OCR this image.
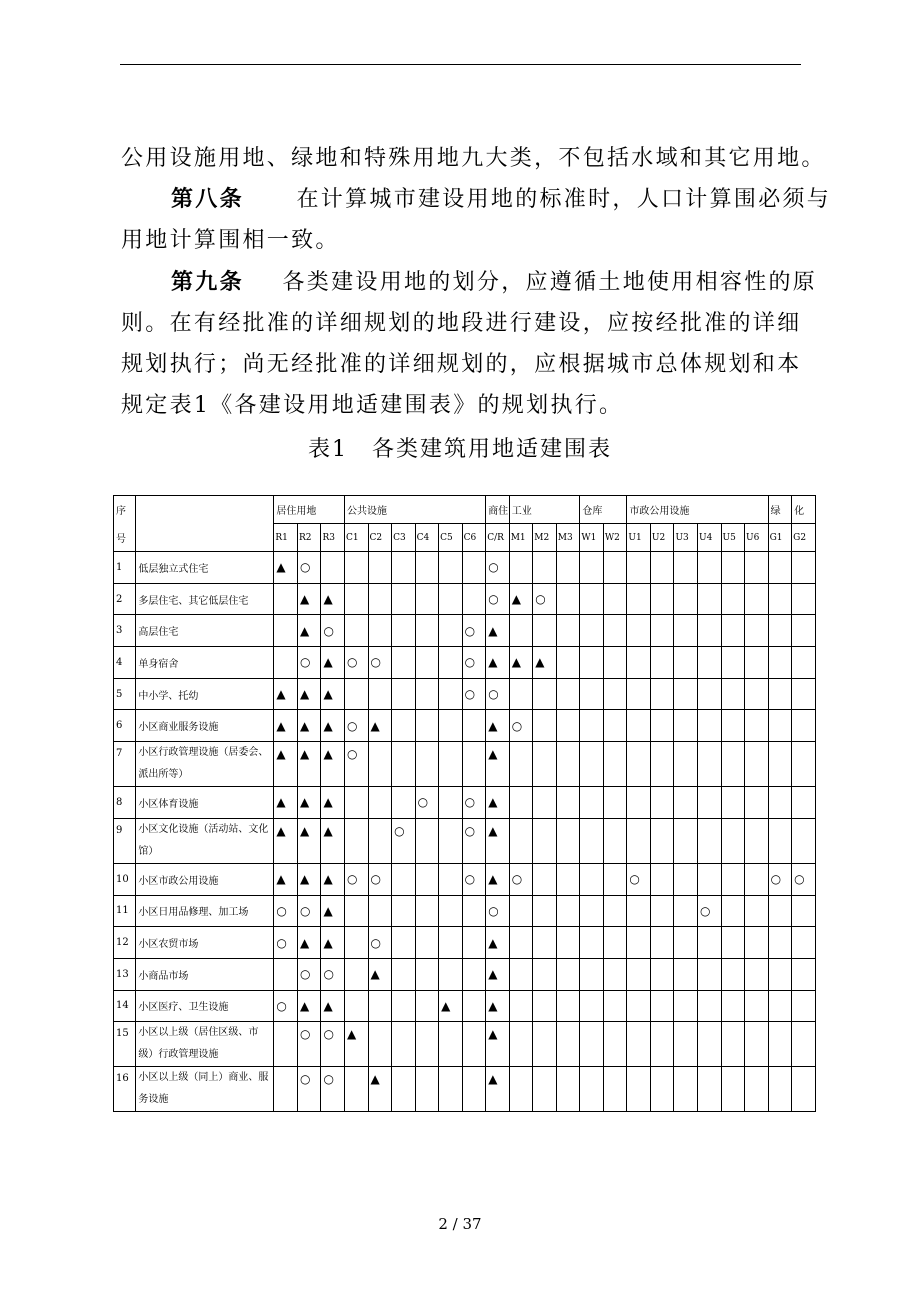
公用设施用地、绿地和特殊用地九大类，不包括水域和其它用地。
第八条 在计算城市建设用地的标准时，人口计算围必须与
用地计算围相一致。
第九条 各类建设用地的划分，应遵循土地使用相容性的原
则。在有经批准的详细规划的地段进行建设，应按经批准的详细
规划执行；尚无经批准的详细规划的，应根据城市总体规划和本
规定表1《各建设用地适建围表》的规划执行。
表1　各类建筑用地适建围表
序		居住用地			公共设施						商住	工业			仓库		市政公用设施						绿	化
号		R1	R2	R3	C1	C2	C3	C4	C5	C6	C/R	M1	M2	M3	W1	W2	U1	U2	U3	U4	U5	U6	G1	G2
1	低层独立式住宅	▲	○								○													
2	多层住宅、其它低层住宅		▲	▲							○	▲	○											
3	高层住宅		▲	○						○	▲													
4	单身宿舍		○	▲	○	○				○	▲	▲	▲											
5	中小学、托幼	▲	▲	▲						○	○													
6	小区商业服务设施	▲	▲	▲	○	▲					▲	○												
7	小区行政管理设施（居委会、派出所等）	▲	▲	▲	○						▲													
8	小区体育设施	▲	▲	▲				○		○	▲													
9	小区文化设施（活动站、文化馆）	▲	▲	▲			○			○	▲													
10	小区市政公用设施	▲	▲	▲	○	○				○	▲	○					○						○	○
11	小区日用品修理、加工场	○	○	▲							○									○				
12	小区农贸市场	○	▲	▲		○					▲													
13	小商品市场		○	○		▲					▲													
14	小区医疗、卫生设施	○	▲	▲					▲		▲													
15	小区以上级（居住区级、市级）行政管理设施		○	○	▲						▲													
16	小区以上级（同上）商业、服务设施		○	○		▲					▲													
2 / 37
